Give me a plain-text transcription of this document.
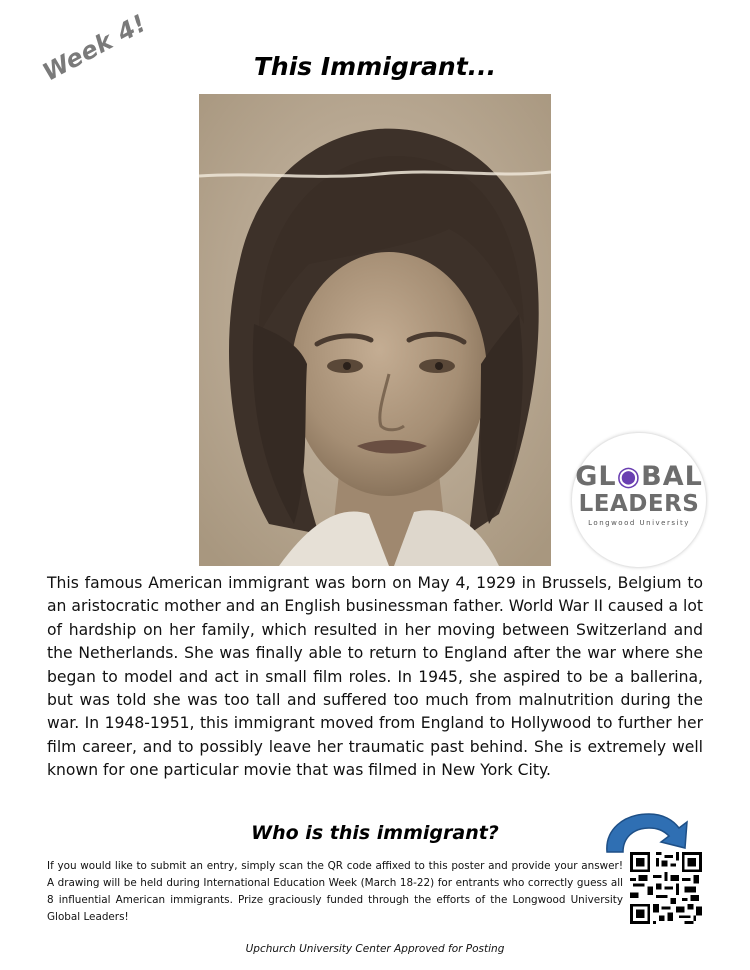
Week 4!	This Immigrant...
GL◉BAL
LEADERS
Longwood University
This famous American immigrant was born on May 4, 1929 in Brussels, Belgium to an aristocratic mother and an English businessman father. World War II caused a lot of hardship on her family, which resulted in her moving between Switzerland and the Netherlands. She was finally able to return to England after the war where she began to model and act in small film roles. In 1945, she aspired to be a ballerina, but was told she was too tall and suffered too much from malnutrition during the war. In 1948-1951, this immigrant moved from England to Hollywood to further her film career, and to possibly leave her traumatic past behind. She is extremely well known for one particular movie that was filmed in New York City.
Who is this immigrant?
If you would like to submit an entry, simply scan the QR code affixed to this poster and provide your answer! A drawing will be held during International Education Week (March 18-22) for entrants who correctly guess all 8 influential American immigrants. Prize graciously funded through the efforts of the Longwood University Global Leaders!
Upchurch University Center Approved for Posting
